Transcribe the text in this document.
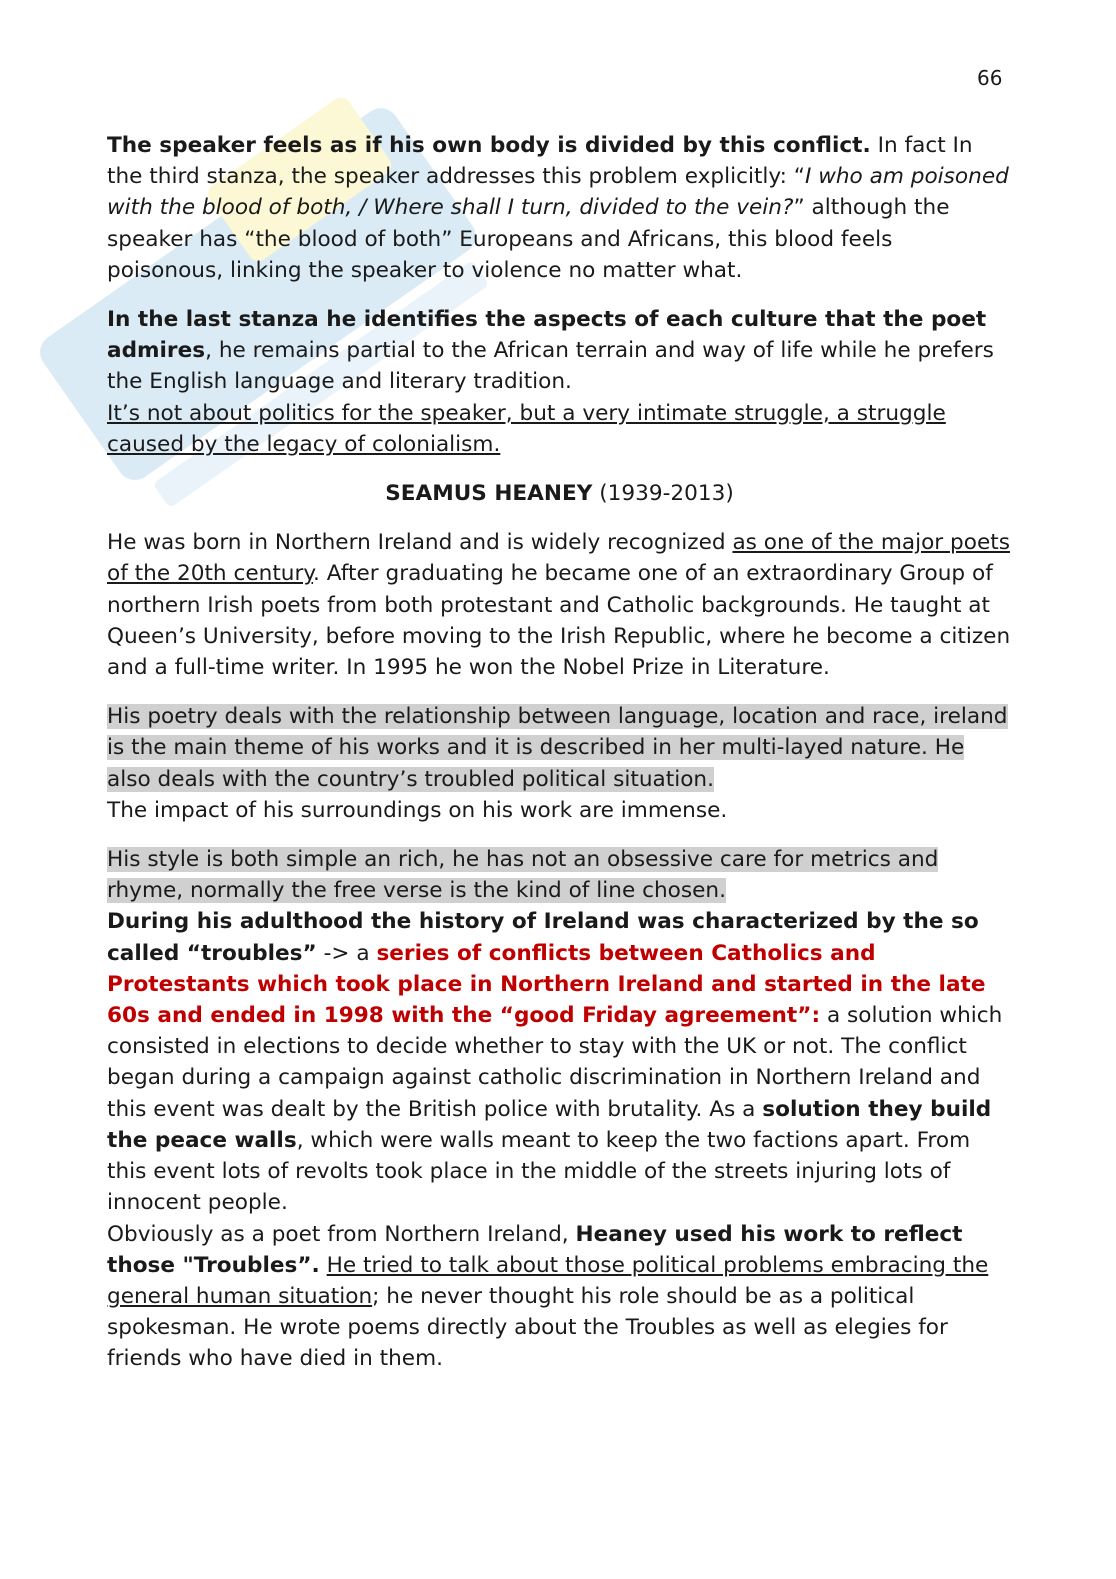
66

The speaker feels as if his own body is divided by this conflict. In fact In the third stanza, the speaker addresses this problem explicitly: “I who am poisoned with the blood of both, / Where shall I turn, divided to the vein?” although the speaker has “the blood of both” Europeans and Africans, this blood feels poisonous, linking the speaker to violence no matter what.

In the last stanza he identifies the aspects of each culture that the poet admires, he remains partial to the African terrain and way of life while he prefers the English language and literary tradition.
It’s not about politics for the speaker, but a very intimate struggle, a struggle caused by the legacy of colonialism.

SEAMUS HEANEY (1939-2013)

He was born in Northern Ireland and is widely recognized as one of the major poets of the 20th century. After graduating he became one of an extraordinary Group of northern Irish poets from both protestant and Catholic backgrounds. He taught at Queen’s University, before moving to the Irish Republic, where he become a citizen and a full-time writer. In 1995 he won the Nobel Prize in Literature.

His poetry deals with the relationship between language, location and race, ireland is the main theme of his works and it is described in her multi-layed nature. He also deals with the country’s troubled political situation.
The impact of his surroundings on his work are immense.

His style is both simple an rich, he has not an obsessive care for metrics and rhyme, normally the free verse is the kind of line chosen.
During his adulthood the history of Ireland was characterized by the so called “troubles” -> a series of conflicts between Catholics and Protestants which took place in Northern Ireland and started in the late 60s and ended in 1998 with the “good Friday agreement”: a solution which consisted in elections to decide whether to stay with the UK or not. The conflict began during a campaign against catholic discrimination in Northern Ireland and this event was dealt by the British police with brutality. As a solution they build the peace walls, which were walls meant to keep the two factions apart. From this event lots of revolts took place in the middle of the streets injuring lots of innocent people.
Obviously as a poet from Northern Ireland, Heaney used his work to reflect those "Troubles”. He tried to talk about those political problems embracing the general human situation; he never thought his role should be as a political spokesman. He wrote poems directly about the Troubles as well as elegies for friends who have died in them.
